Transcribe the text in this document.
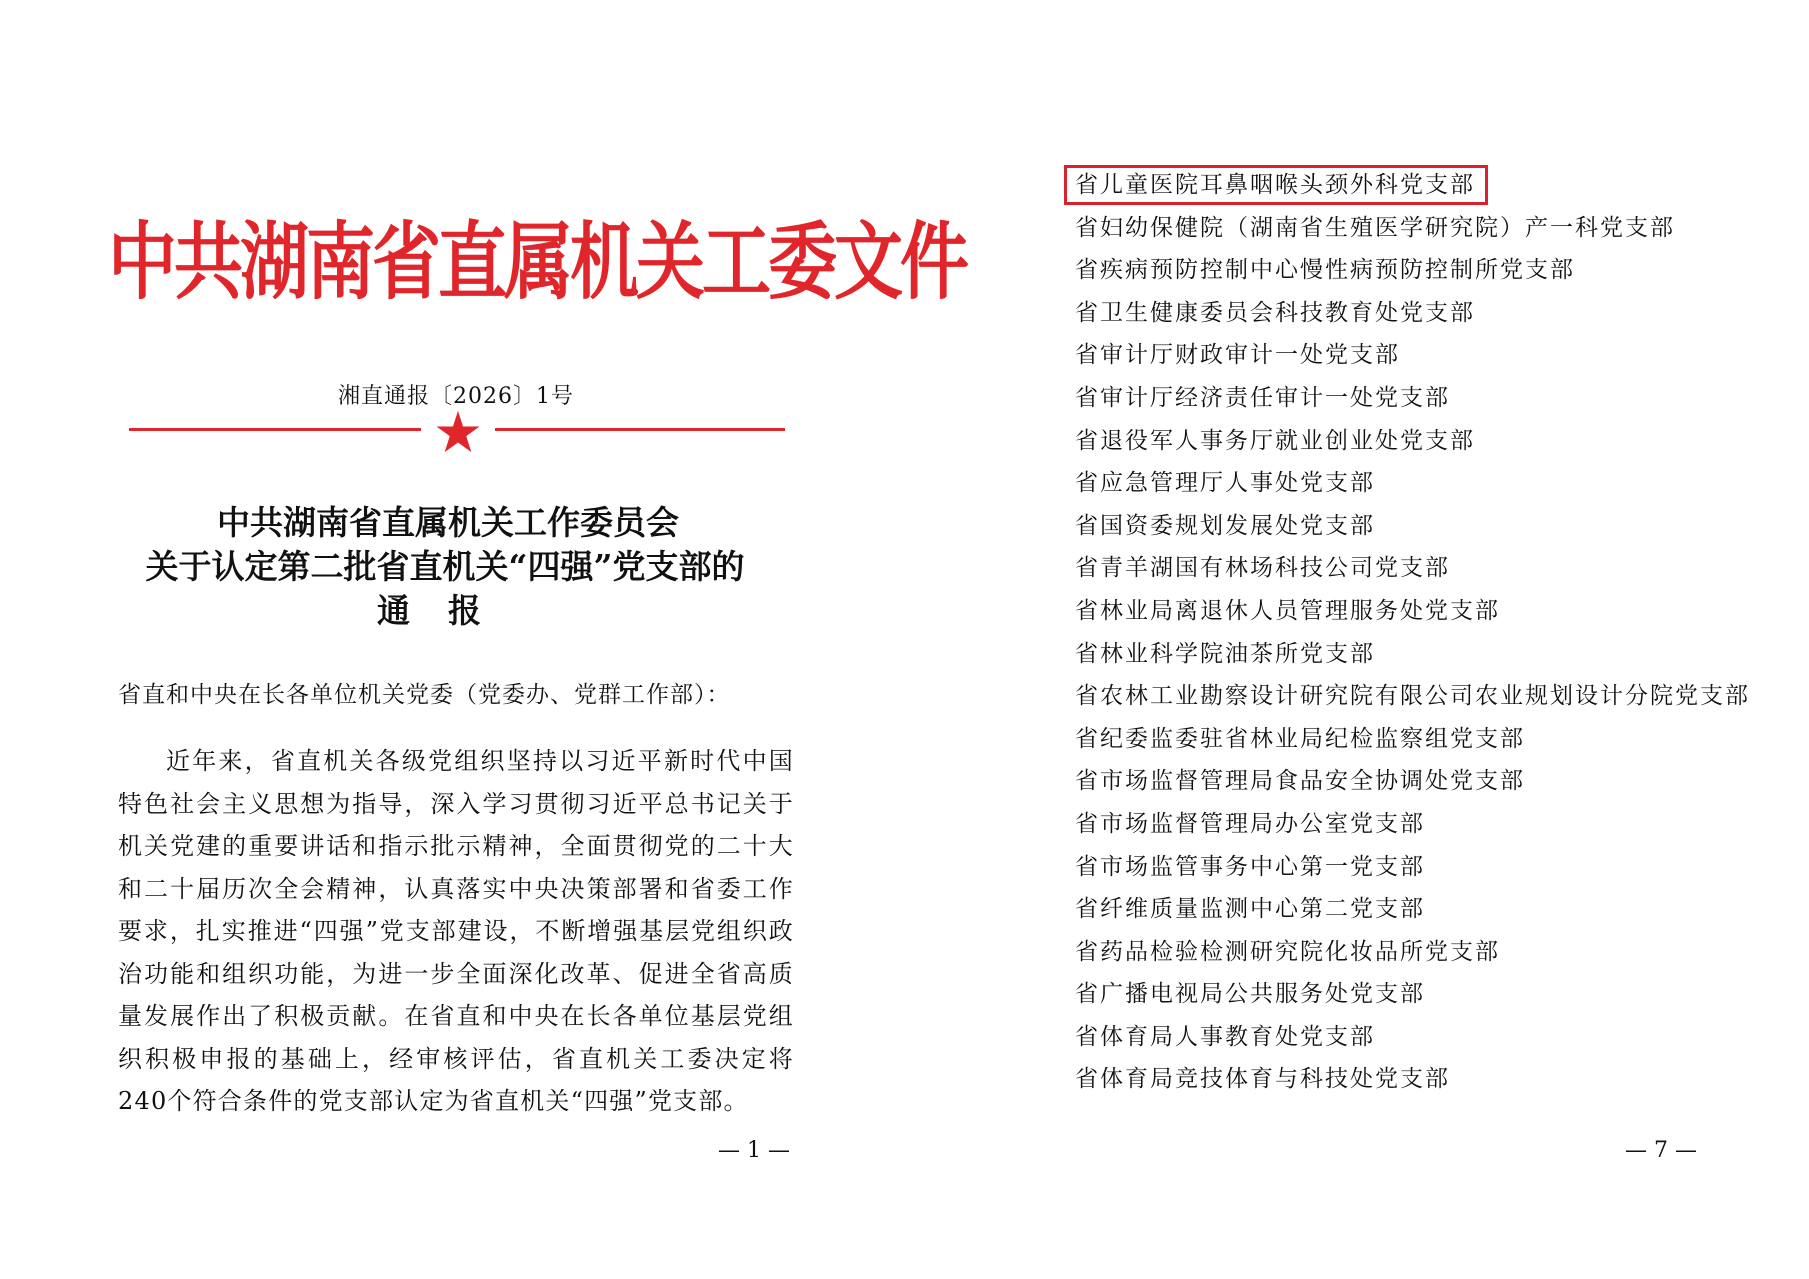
中共湖南省直属机关工委文件
湘直通报〔2026〕1号
中共湖南省直属机关工作委员会
关于认定第二批省直机关“四强”党支部的
通报
省直和中央在长各单位机关党委（党委办、党群工作部）：

近年来，省直机关各级党组织坚持以习近平新时代中国特色社会主义思想为指导，深入学习贯彻习近平总书记关于机关党建的重要讲话和指示批示精神，全面贯彻党的二十大和二十届历次全会精神，认真落实中央决策部署和省委工作要求，扎实推进“四强”党支部建设，不断增强基层党组织政治功能和组织功能，为进一步全面深化改革、促进全省高质量发展作出了积极贡献。在省直和中央在长各单位基层党组织积极申报的基础上，经审核评估，省直机关工委决定将240个符合条件的党支部认定为省直机关“四强”党支部。

— 1 —
省儿童医院耳鼻咽喉头颈外科党支部
省妇幼保健院（湖南省生殖医学研究院）产一科党支部
省疾病预防控制中心慢性病预防控制所党支部
省卫生健康委员会科技教育处党支部
省审计厅财政审计一处党支部
省审计厅经济责任审计一处党支部
省退役军人事务厅就业创业处党支部
省应急管理厅人事处党支部
省国资委规划发展处党支部
省青羊湖国有林场科技公司党支部
省林业局离退休人员管理服务处党支部
省林业科学院油茶所党支部
省农林工业勘察设计研究院有限公司农业规划设计分院党支部
省纪委监委驻省林业局纪检监察组党支部
省市场监督管理局食品安全协调处党支部
省市场监督管理局办公室党支部
省市场监管事务中心第一党支部
省纤维质量监测中心第二党支部
省药品检验检测研究院化妆品所党支部
省广播电视局公共服务处党支部
省体育局人事教育处党支部
省体育局竞技体育与科技处党支部
— 7 —
